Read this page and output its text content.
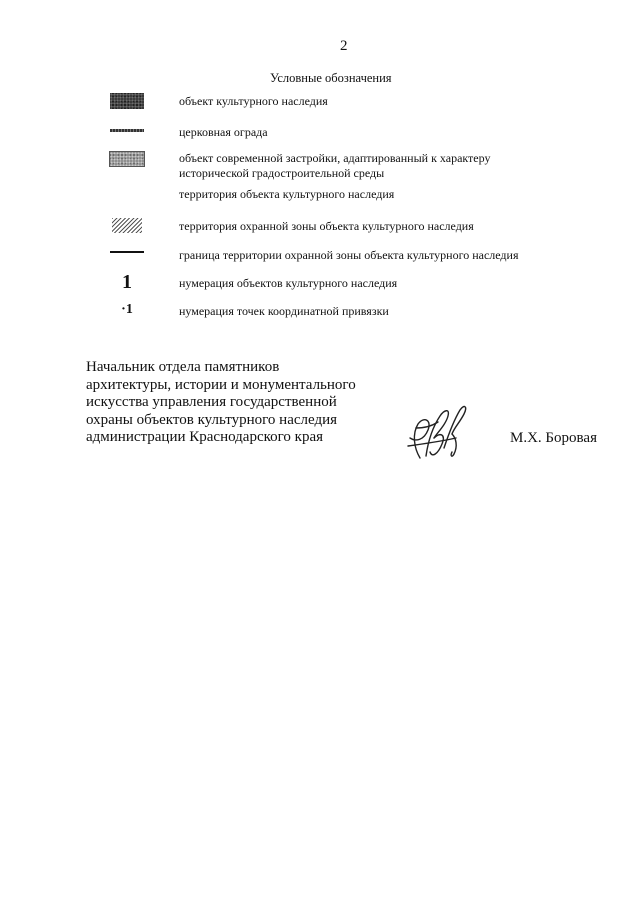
2
Условные обозначения
объект культурного наследия
церковная ограда
объект современной застройки, адаптированный к характеру
исторической градостроительной среды
территория объекта культурного наследия
территория охранной зоны объекта культурного наследия
граница территории охранной зоны объекта культурного наследия
1	нумерация объектов культурного наследия
·1	нумерация точек координатной привязки
Начальник отдела памятников
архитектуры, истории и монументального
искусства управления государственной
охраны объектов культурного наследия
администрации Краснодарского края	М.Х. Боровая
